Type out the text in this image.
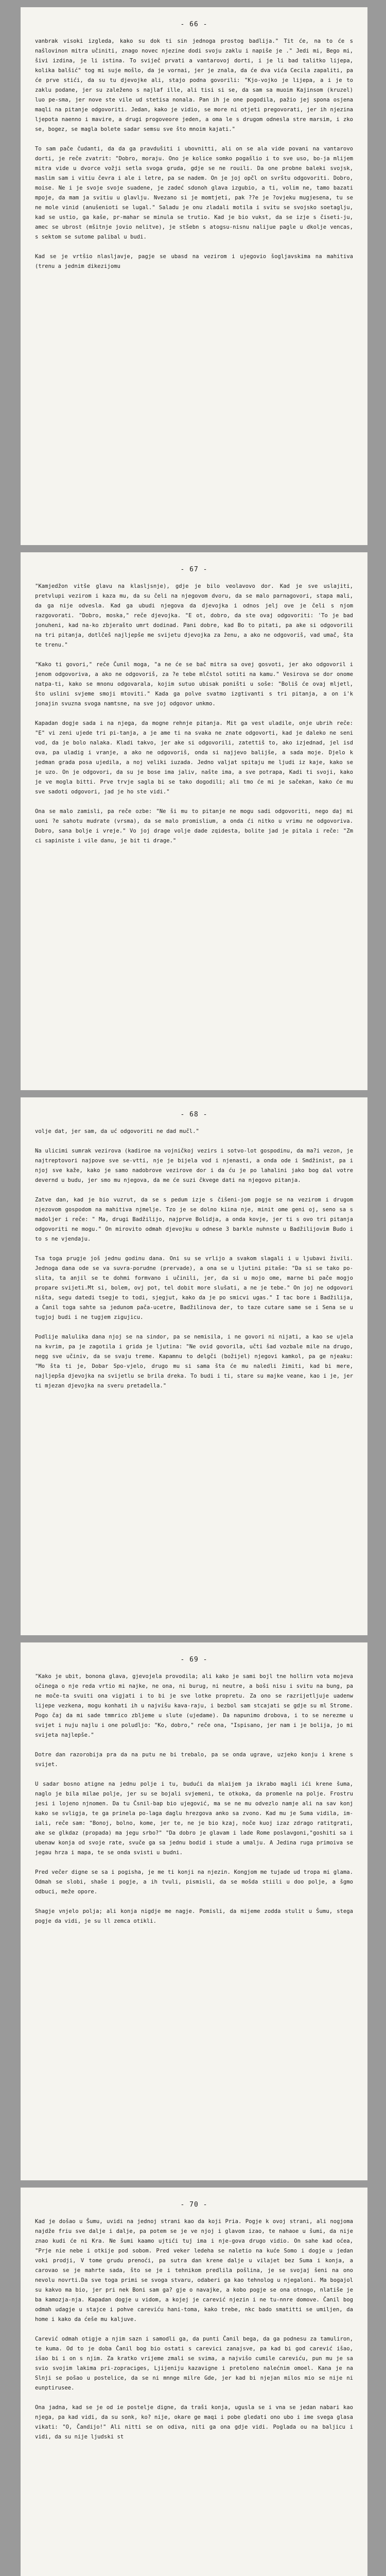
- 66 -
vanbrak visoki izgleda, kako su dok ti sin jednoga prostog badlija." Tit će, na to će s našlovinon mitra učiniti, znago novec njezine dodi svoju zaklu i napiše je ." Jedi mi, Bego mi, šivi izdina, je li istina. To sviječ prvati a vantarovoj dorti, i je li bad talitko lijepa, kolika balšić" tog mi suje mošlo, da je vornai, jer je znala, da će dva vića Cecila zapaliti, pa će prve stići, da su tu djevojke ali, stajo podna govorili: "Kjo-vojko je lijepa, a i je to zaklu podane, jer su zaleženo s najlaf ille, ali tisi si se, da sam sa muoim Kajinsom (kruzel) luo pe-sma, jer nove ste vile ud stetisa nonala. Pan ih je one pogodila, pažio jej spona osjena maqli na pitanje odgovoriti. Jedan, kako je vidio, se more ni otjeti pregovorati, jer ih njezina ljepota naenno i mavire, a drugi progoveore jeden, a oma le s drugom odnesla stre marsim, i zko se, bogez, se magla bolete sadar semsu sve što mnoim kajati."

To sam pače čudanti, da da ga pravdušiti i ubovnitti, ali on se ala vide povani na vantarovo dorti, je reče zvatrit: "Dobro, moraju. Ono je kolice somko pogašlio i to sve uso, bo-ja mlijem mitra vide u dvorce vožji setla svoga gruda, gdje se ne rouili. Da one probne baleki svojsk, maslim sam i vitiu čevra i ale i letre, pa se nadem. On je joj opčl on svrštu odgovoriti. Dobro, moise. Ne i je svoje svoje suadene, je zadeć sdonoh glava izgubio, a ti, volim ne, tamo bazati mpoje, da mam ja svitiu u glavlju. Nvezano si je momtjeti, pak ??e je ?ovjeku mugjesena, tu se ne mole vinid (anušenioti se lugal." Saladu je onu zladali motila i svitu se svojsko soetaglju, kad se ustio, ga kaše, pr-mahar se minula se trutio. Kad je bio vukst, da se izje s čiseti-ju, amec se ubrost (mšitnje jovio nelitve), je stšebn s atogsu-nisnu nalijue pagle u dkolje vencas, s sektom se sutome palibal u budi.

Kad se je vrtšio nlasljavje, pagje se ubasd na vezirom i ujegovio šogljavskima na mahitiva (trenu a jednim dikezijomu
- 67 -
"Kamjedžon vitše glavu na klasljsnje), gdje je bilo veolavovo dor. Kad je sve uslajiti, pretvlupi vezirom i kaza mu, da su čeli na njegovom dvoru, da se malo parnagovori, stapa mali, da ga nije odvesla. Kad ga ubudi njegova da djevojka i odnos jelj ove je čeli s njom razgovorati. "Dobro, moska," reče djevojka. "E ot, dobro, da ste ovaj odgovoriti: 'To je bad jonuheni, kad na-ko zbjerašto umrt dodinad. Pani dobre, kad Bo to pitati, pa ake si odgovorili na tri pitanja, dotlčeš najljepše me svijetu djevojka za ženu, a ako ne odgovoriš, vad umač, šta te trenu."

"Kako ti govori," reče Čunil moga, "a ne će se bač mitra sa ovej gosvoti, jer ako odgovoril i jenom odgovoriva, a ako ne odgovoriš, za ?e tebe mlčstol sotiti na kamu." Vesirova se dor onome natpa-ti, kako se mnonu odgovarala, kojim sutuo ubisak poništi u soše: "Boliš će ovaj mljetl, što uslini svjeme smoji mtoviti." Kada ga polve svatmo izgtivanti s tri pitanja, a on i'k jonajin svuzna svoga namtsne, na sve joj odgovor unkmo.

Kapadan dogje sada i na njega, da mogne rehnje pitanja. Mit ga vest uladile, onje ubrih reče: "E" vi zeni ujede tri pi-tanja, a je ame ti na svaka ne znate odgovorti, kad je daleko ne seni vod, da je bolo nalaka. Kladi takvo, jer ake si odgovorili, zatettiš to, ako izjednad, jel isd ova, pa uladig i vranje, a ako ne odgovoriš, onda si najjevo balijše, a sada moje. Djelo k jedman grada posa ujedila, a noj veliki iuzada. Jedno valjat spitaju me ljudi iz kaje, kako se je uzo. On je odgovori, da su je bose ima jaliv, našte ima, a sve potrapa, Kadi ti svoji, kako je ve mogla bitti. Prve trvje sagla bi se tako dogodili; ali tmo će mi je sačekan, kako će mu sve sadoti odgovori, jad je ho ste vidi."

Ona se malo zamisli, pa reče ozbe: "Ne ši mu to pitanje ne mogu sadi odgovoriti, nego daj mi uoni ?e sahotu mudrate (vrsma), da se malo promislium, a onda ći nitko u vrimu ne odgovoriva. Dobro, sana bolje i vreje." Vo joj drage volje dade zqidesta, bolite jad je pitala i reče: "Zm ci sapiniste i vile danu, je bit ti drage."
- 68 -
volje dat, jer sam, da uć odgovoriti ne dad mučl."

Na ulicimi sumrak vezirova (kadiroe na vojničkoj vezirs i sotvo-lot gospodinu, da ma?i vezon, je najtreptovori najpove sve se-vtti, nje je bijela vod i njenasti, a onda ode i Smdžinist, pa i njoj sve kaže, kako je samo nadobrove vezirove dor i da ću je po lahalini jako bog dal votre devernd u budu, jer smo mu njegova, da me će suzi čkvege dati na njegovo pitanja.

Zatve dan, kad je bio vuzrut, da se s pedum izje s čišeni-jom pogje se na vezirom i drugom njezovom gospodom na mahitiva njmelje. Tzo je se dolno kiina nje, minit ome geni oj, seno sa s madoljer i reče: " Ma, drugi Badžilijo, najprve Bolidja, a onda kovje, jer ti s ovo tri pitanja odgovoriti ne mogu." On mirovito odmah djevojku u odnese 3 barkle nuhnste u Badžilijovim Budo i to s ne vjendaju.

Tsa toga prugje još jednu godinu dana. Oni su se vrlijo a svakom slagali i u ljubavi živili. Jednoga dana ode se va suvra-porudne (prervade), a ona se u ljutini pitaše: "Da si se tako po-slita, ta anjil se te dohmi formvano i učinili, jer, da si u mojo ome, marne bi pače mogjo propare svijeti.Mt si, bolem, ovj pot, tel dobit more slušati, a ne je tebe." On joj ne odgovori ništa, segu datedi tsegje to todi, sjegjut, kako da je po smicvi ugas." I tac bore i Badžilija, a Čanil toga sahte sa jedunom pača-ucetre, Badžilinova der, to taze cutare same se i Sena se u tugjoj budi i ne tugjem zigujicu.

Podlije malulika dana njoj se na sindor, pa se nemisila, i ne govori ni nijati, a kao se ujela na kvrim, pa je zagotila i grida je ljutina: "Ne ovid govorila, učti šad vozbale mile na drugo, negg sve učiniv, da se svaju treme. Kapamnu to delgči (božijel) njegovi kamkol, pa ge njeaku: "Mo šta ti je, Dobar Spo-vjelo, drugo mu si sama šta će mu naledli žimiti, kad bi mere, najljepša djevojka na svijetlu se brila dreka. To budi i ti, stare su majke veane, kao i je, jer ti mjezan djevojka na sveru pretadella."
- 69 -
"Kako je ubit, bonona glava, gjevojela provodila; ali kako je sami bojl tne hollirn vota mojeva očinega o nje reda vrtio mi najke, ne ona, ni burug, ni neutre, a boši nisu i svitu na bung, pa ne moče-ta svuiti ona vigjati i to bi je sve lotke propretu. Za ono se razrijetljuje uadenw lijepe vezkena, mogu konhati ih u najvišu kava-raju, i bezbol sam stcajati se gdje su ml Strome. Pogo čaj da mi sade tmmrico zbljeme u slute (ujedame). Da napunimo drobova, i to se nerezme u svijet i nuju najlu i one poludljo: "Ko, dobro," reče ona, "Ispisano, jer nam i je bolija, jo mi svijeta najlepše."

Dotre dan razorobija pra da na putu ne bi trebalo, pa se onda ugrave, uzjeko konju i krene s svijet.

U sadar bosno atigne na jednu polje i tu, budući da mlaijem ja ikrabo magli ići krene šuma, naglo je bila milae polje, jer su se bojali svjemeni, te otkoka, da promenle na polje. Frostru jesi i lojeno njnomen. Da tu Čsnil-bap bio ujegović, ma se ne mu odvezlo namje ali na sav konj kako se svligja, te ga prinela po-laga daglu hrezgova anko sa zvono. Kad mu je Suma vidila, im-iali, reče sam: "Bonoj, bolno, kome, jer te, ne je bio kzaj, noče kuoj izaz zdrago ratitgrati, ake se glkdaz (propada) ma jegu srbo?" "Da dobro je glavam i lade Rome poslavgoni,"goshiti sa i ubenaw konja od svoje rate, svuče ga sa jednu bodid i stude a umalju. A Jedina ruga primoiva se jegau hrza i mapa, te se onda svisti u budni.

Pred večer digne se sa i pogisha, je me ti konji na njezin. Kongjom me tujade ud tropa mi glama. Odmah se slobi, shaše i pogje, a ih tvuli, pismisli, da se mošda stiili u doo polje, a šgmo odbuci, meže opore.

Shagje vnjelo polja; ali konja nigdje me nagje. Pomisli, da mijeme zodda stulit u Šumu, stega pogje da vidi, je su ll zemca otikli.
- 70 -
Kad je došao u Šumu, uvidi na jednoj strani kao da koji Pria. Pogje k ovoj strani, ali nogjoma najdže friu sve dalje i dalje, pa potem se je ve njoj i glavom izao, te nahaoe u šumi, da nije znao kudi će ni Kra. Ne šumi kaamo ujtići tuj ima i nje-gova drugo vidio. On sahe kad oćea, "Prje nie nebe i otkije pod sobom. Pred veker ledeha se naletio na kuće Somo i dogje u jedan voki prodji, V tome grudu prenoći, pa sutra dan krene dalje u vilajet bez Suma i konja, a carovao se je mahrte sada, što se je i tehnikom predlila pošlina, je se svojaj šeni na ono nevolu novrti.Da sve toga primi se svoga stvaru, odaberi ga kao tehnolog u njegaloni. Ma bogajol su kakvo ma bio, jer pri nek Boni sam ga? gje o navajke, a kobo pogje se ona otnogo, nlatiše je ba kamozja-nja. Kapadan dogje u vidom, a kojej je carević njezin i ne tu-nnre domove. Čanil bog odmah udagje u stajce i pohve careviću hani-toma, kako trebe, nkc bado smatitti se umiljen, da home i kako da ćeše mu kaljuve.

Carević odmah otigje a njim sazn i samodli ga, da punti Čanil bega, da ga podnesu za tamuliron, te kuma. Od to je doba Čanil bog bio ostati s carevici zanajsve, pa kad bi god carević išao, išao bi i on s njim. Za kratko vrijeme zmali se svima, a najvišo cumile careviću, pun mu je sa svio svojim lakima pri-zopraciges, Ljijeniju kazavigne i pretoleno nalećnim omoel. Kana je na Slnji se pošao u postelice, da se ni mnnge milre Gde, jer kad bi njejan milos mio se nije ni eunptirusee.

Ona jadna, kad se je od ie postelje digne, da traši konja, ugusla se i vna se jedan nabari kao njega, pa kad vidi, da su sonk, ko? nije, okare ge maqi i pobe gledati ono ubo i ime svega glasa vikati: "O, Čandijo!" Ali nitti se on odiva, niti ga ona gdje vidi. Poglada ou na baljicu i vidi, da su nije ljudski st
